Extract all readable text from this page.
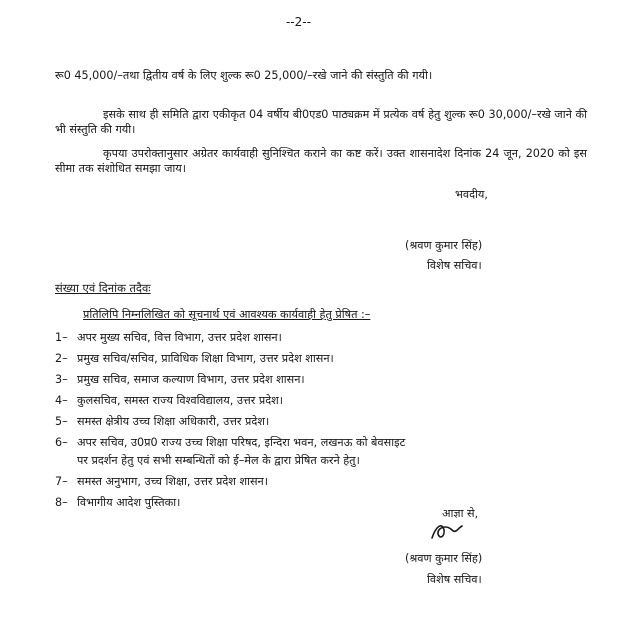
--2--
रू0 45,000/–तथा द्वितीय वर्ष के लिए शुल्क रू0 25,000/–रखे जाने की संस्तुति की गयी।
इसके साथ ही समिति द्वारा एकीकृत 04 वर्षीय बी0एड0 पाठ्यक्रम में प्रत्येक वर्ष हेतु शुल्क रू0 30,000/–रखे जाने की भी संस्तुति की गयी।
कृपया उपरोक्तानुसार अग्रेतर कार्यवाही सुनिश्चित कराने का कष्ट करें। उक्त शासनादेश दिनांक 24 जून, 2020 को इस सीमा तक संशोधित समझा जाय।
भवदीय,
(श्रवण कुमार सिंह)
विशेष सचिव।
संख्या एवं दिनांक तदैवः
प्रतिलिपि निम्नलिखित को सूचनार्थ एवं आवश्यक कार्यवाही हेतु प्रेषित :–
1– अपर मुख्य सचिव, वित्त विभाग, उत्तर प्रदेश शासन।
2– प्रमुख सचिव/सचिव, प्राविधिक शिक्षा विभाग, उत्तर प्रदेश शासन।
3– प्रमुख सचिव, समाज कल्याण विभाग, उत्तर प्रदेश शासन।
4– कुलसचिव, समस्त राज्य विश्वविद्यालय, उत्तर प्रदेश।
5– समस्त क्षेत्रीय उच्च शिक्षा अधिकारी, उत्तर प्रदेश।
6– अपर सचिव, उ0प्र0 राज्य उच्च शिक्षा परिषद, इन्दिरा भवन, लखनऊ को बेवसाइट
पर प्रदर्शन हेतु एवं सभी सम्बन्धितों को ई–मेल के द्वारा प्रेषित करने हेतु।
7– समस्त अनुभाग, उच्च शिक्षा, उत्तर प्रदेश शासन।
8– विभागीय आदेश पुस्तिका।
आज्ञा से,
(श्रवण कुमार सिंह)
विशेष सचिव।
